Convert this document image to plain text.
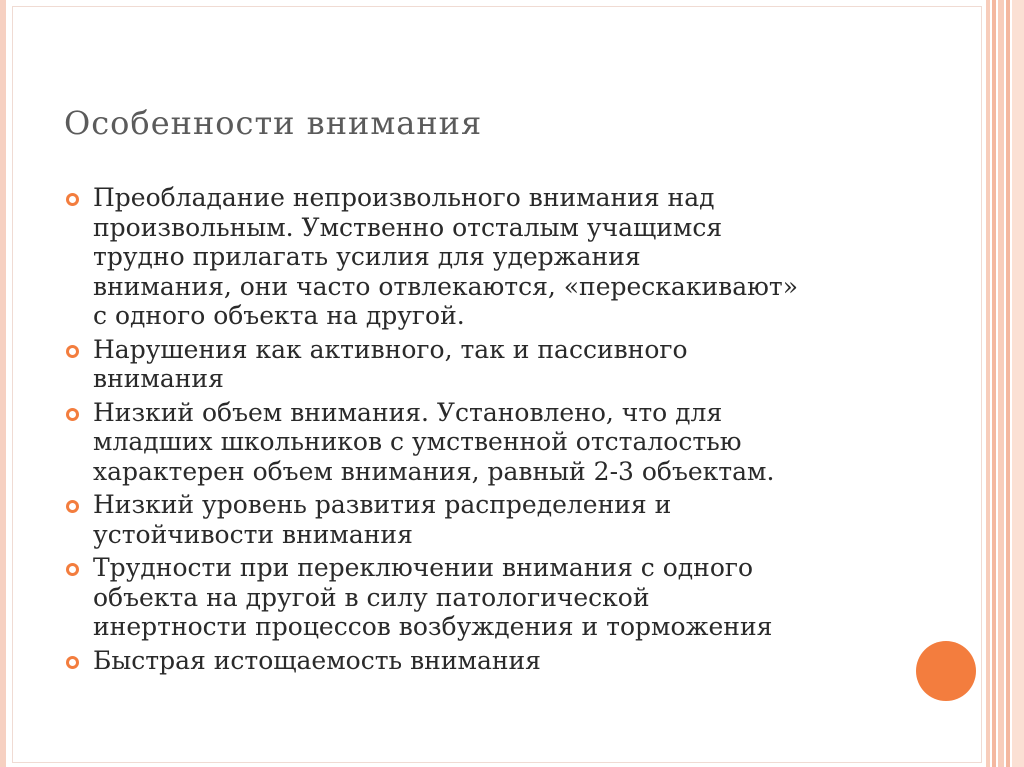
Особенности внимания
Преобладание непроизвольного внимания над
произвольным. Умственно отсталым учащимся
трудно прилагать усилия для удержания
внимания, они часто отвлекаются, «перескакивают»
с одного объекта на другой.
Нарушения как активного, так и пассивного
внимания
Низкий объем внимания. Установлено, что для
младших школьников с умственной отсталостью
характерен объем внимания, равный 2-3 объектам.
Низкий уровень развития распределения и
устойчивости внимания
Трудности при переключении внимания с одного
объекта на другой в силу патологической
инертности процессов возбуждения и торможения
Быстрая истощаемость внимания
